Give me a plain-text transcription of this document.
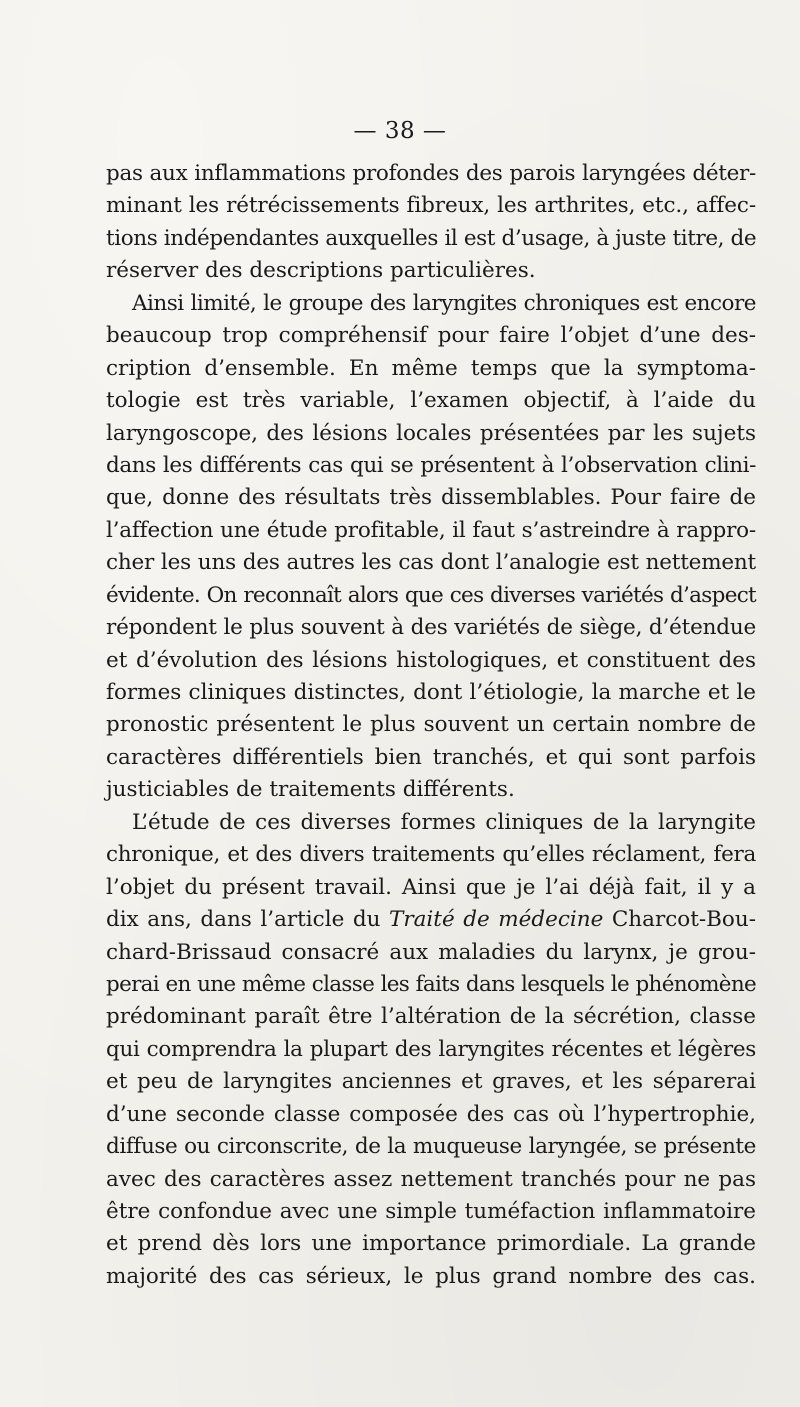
— 38 —
pas aux inflammations profondes des parois laryngées déter-
minant les rétrécissements fibreux, les arthrites, etc., affec-
tions indépendantes auxquelles il est d’usage, à juste titre, de
réserver des descriptions particulières.
Ainsi limité, le groupe des laryngites chroniques est encore
beaucoup trop compréhensif pour faire l’objet d’une des-
cription d’ensemble. En même temps que la symptoma-
tologie est très variable, l’examen objectif, à l’aide du
laryngoscope, des lésions locales présentées par les sujets
dans les différents cas qui se présentent à l’observation clini-
que, donne des résultats très dissemblables. Pour faire de
l’affection une étude profitable, il faut s’astreindre à rappro-
cher les uns des autres les cas dont l’analogie est nettement
évidente. On reconnaît alors que ces diverses variétés d’aspect
répondent le plus souvent à des variétés de siège, d’étendue
et d’évolution des lésions histologiques, et constituent des
formes cliniques distinctes, dont l’étiologie, la marche et le
pronostic présentent le plus souvent un certain nombre de
caractères différentiels bien tranchés, et qui sont parfois
justiciables de traitements différents.
L’étude de ces diverses formes cliniques de la laryngite
chronique, et des divers traitements qu’elles réclament, fera
l’objet du présent travail. Ainsi que je l’ai déjà fait, il y a
dix ans, dans l’article du Traité de médecine Charcot-Bou-
chard-Brissaud consacré aux maladies du larynx, je grou-
perai en une même classe les faits dans lesquels le phénomène
prédominant paraît être l’altération de la sécrétion, classe
qui comprendra la plupart des laryngites récentes et légères
et peu de laryngites anciennes et graves, et les séparerai
d’une seconde classe composée des cas où l’hypertrophie,
diffuse ou circonscrite, de la muqueuse laryngée, se présente
avec des caractères assez nettement tranchés pour ne pas
être confondue avec une simple tuméfaction inflammatoire
et prend dès lors une importance primordiale. La grande
majorité des cas sérieux, le plus grand nombre des cas.
